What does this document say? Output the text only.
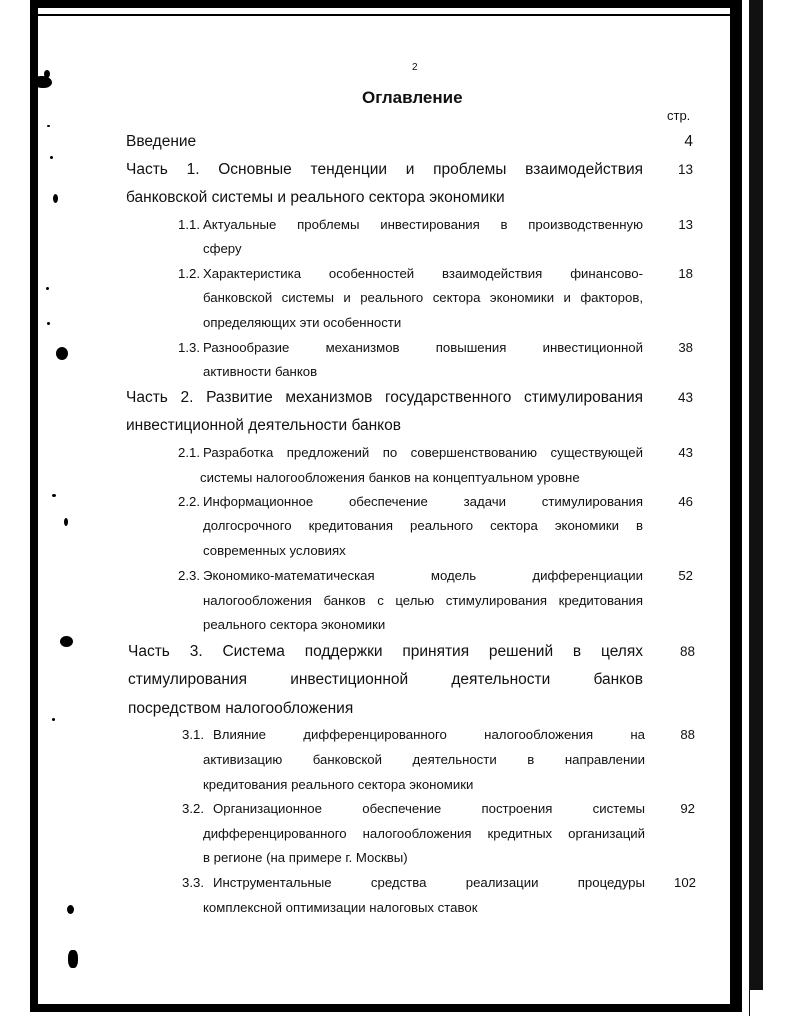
2
Оглавление
стр.
Введение	4
Часть 1. Основные тенденции и проблемы взаимодействия
банковской системы и реального сектора экономики
13
1.1. Актуальные проблемы инвестирования в производственную
сферу
13
1.2. Характеристика особенностей взаимодействия финансово-
банковской системы и реального сектора экономики и факторов,
определяющих эти особенности
18
1.3. Разнообразие механизмов повышения инвестиционной
активности банков
38
Часть 2. Развитие механизмов государственного стимулирования
инвестиционной деятельности банков
43
2.1. Разработка предложений по совершенствованию существующей
системы налогообложения банков на концептуальном уровне
43
2.2. Информационное обеспечение задачи стимулирования
долгосрочного кредитования реального сектора экономики в
современных условиях
46
2.3. Экономико-математическая модель дифференциации
налогообложения банков с целью стимулирования кредитования
реального сектора экономики
52
Часть 3. Система поддержки принятия решений в целях
стимулирования инвестиционной деятельности банков
посредством налогообложения
88
3.1. Влияние дифференцированного налогообложения на
активизацию банковской деятельности в направлении
кредитования реального сектора экономики
88
3.2. Организационное обеспечение построения системы
дифференцированного налогообложения кредитных организаций
в регионе (на примере г. Москвы)
92
3.3. Инструментальные средства реализации процедуры
комплексной оптимизации налоговых ставок
102
